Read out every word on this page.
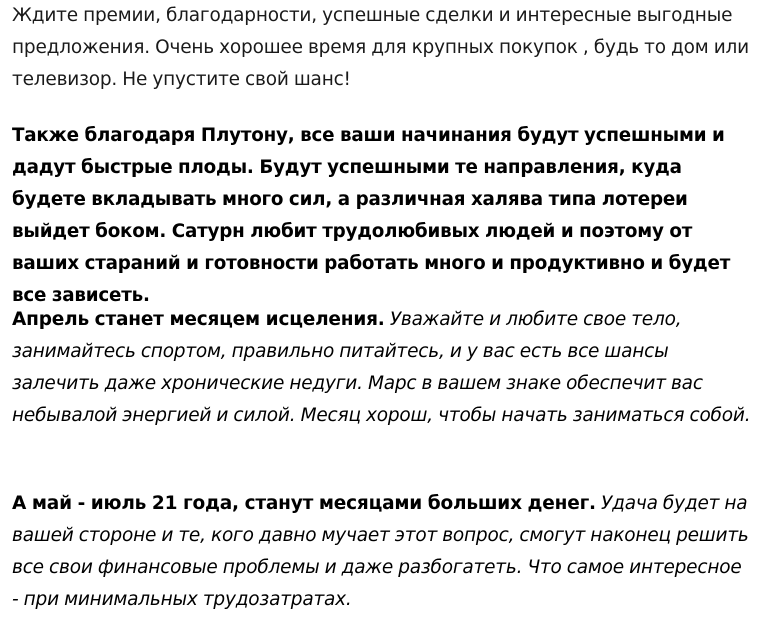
Ждите премии, благодарности, успешные сделки и интересные выгодные предложения. Очень хорошее время для крупных покупок , будь то дом или телевизор. Не упустите свой шанс!

Также благодаря Плутону, все ваши начинания будут успешными и дадут быстрые плоды. Будут успешными те направления, куда будете вкладывать много сил, а различная халява типа лотереи выйдет боком. Сатурн любит трудолюбивых людей и поэтому от ваших стараний и готовности работать много и продуктивно и будет все зависеть.

Апрель станет месяцем исцеления. Уважайте и любите свое тело, занимайтесь спортом, правильно питайтесь, и у вас есть все шансы залечить даже хронические недуги. Марс в вашем знаке обеспечит вас небывалой энергией и силой. Месяц хорош, чтобы начать заниматься собой.

А май - июль 21 года, станут месяцами больших денег. Удача будет на вашей стороне и те, кого давно мучает этот вопрос, смогут наконец решить все свои финансовые проблемы и даже разбогатеть. Что самое интересное - при минимальных трудозатратах.
